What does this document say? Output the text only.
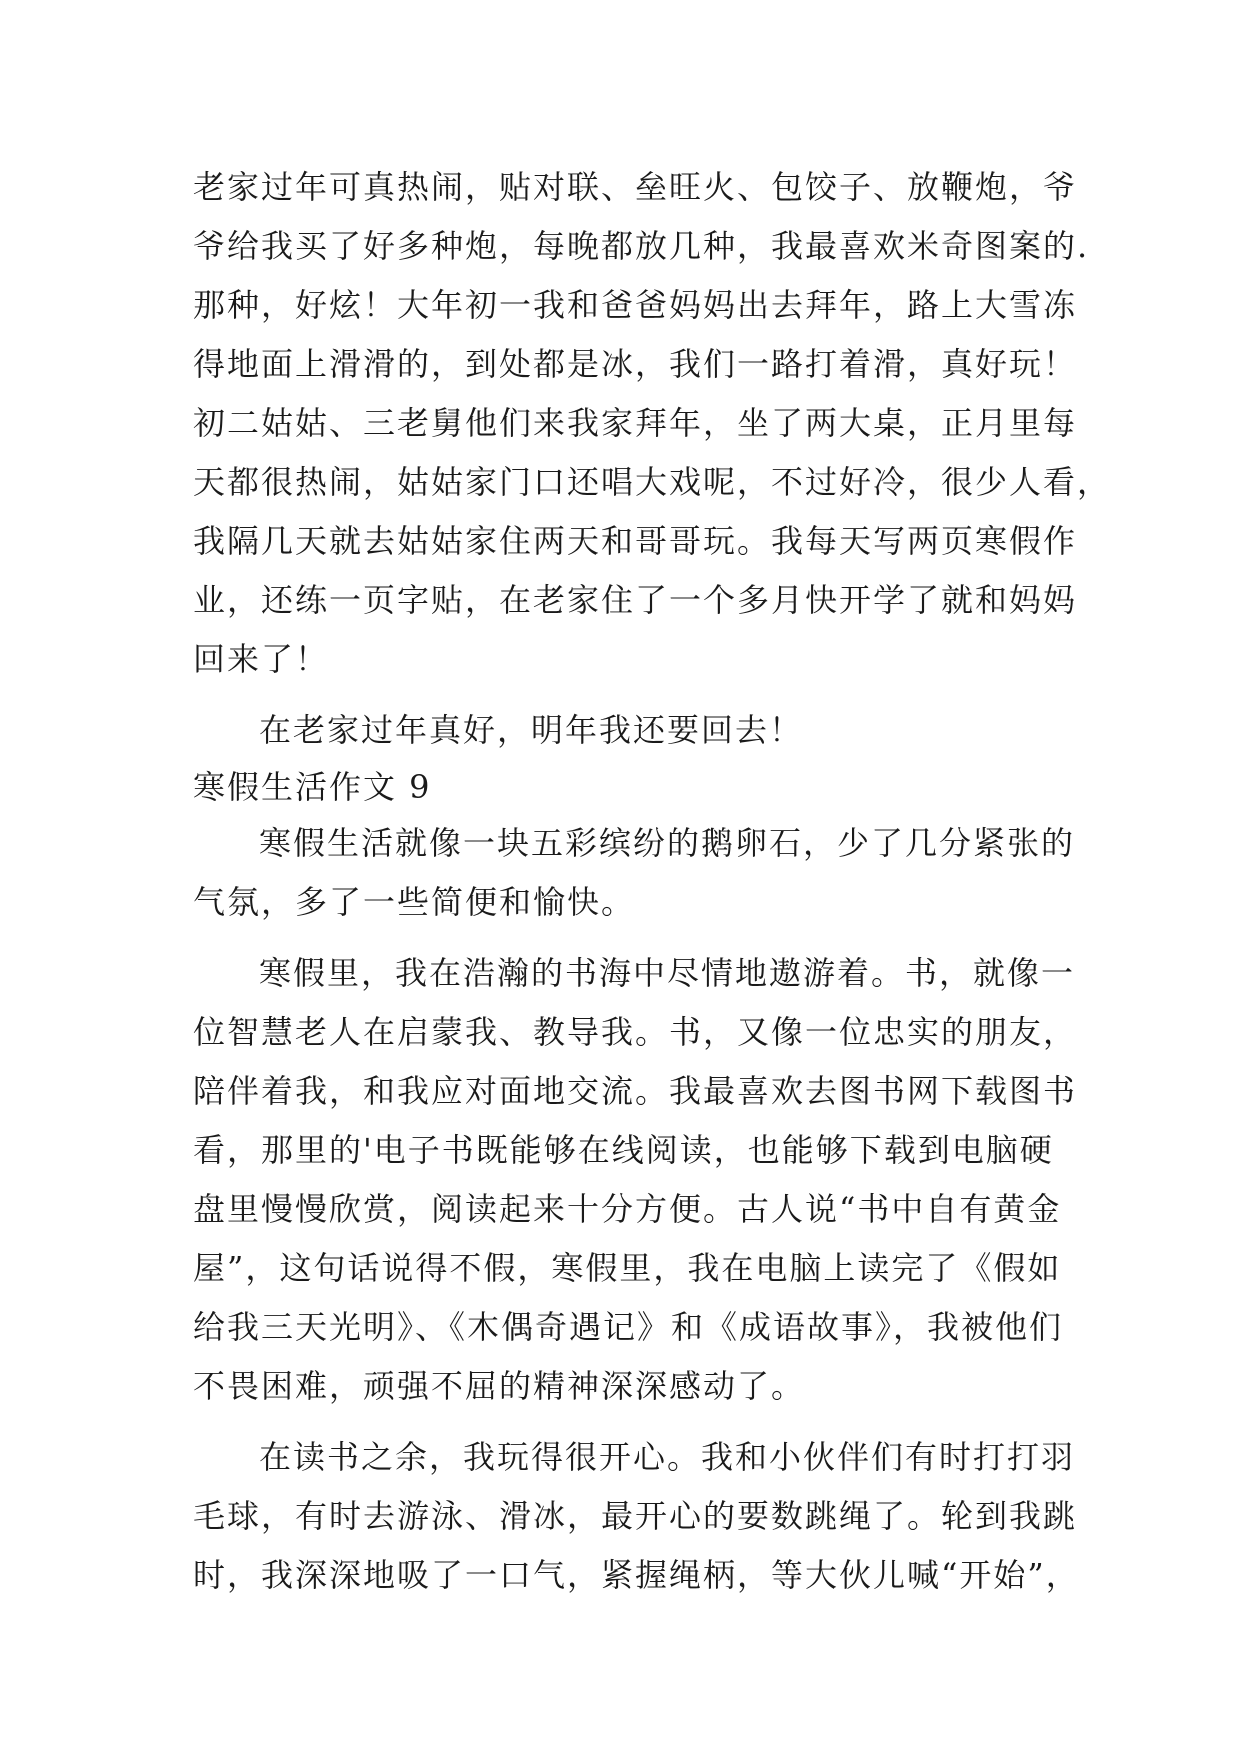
老家过年可真热闹，贴对联、垒旺火、包饺子、放鞭炮，爷
爷给我买了好多种炮，每晚都放几种，我最喜欢米奇图案的.
那种，好炫！大年初一我和爸爸妈妈出去拜年，路上大雪冻
得地面上滑滑的，到处都是冰，我们一路打着滑，真好玩！
初二姑姑、三老舅他们来我家拜年，坐了两大桌，正月里每
天都很热闹，姑姑家门口还唱大戏呢，不过好冷，很少人看，
我隔几天就去姑姑家住两天和哥哥玩。我每天写两页寒假作
业，还练一页字贴，在老家住了一个多月快开学了就和妈妈
回来了！
在老家过年真好，明年我还要回去！
寒假生活作文 9
寒假生活就像一块五彩缤纷的鹅卵石，少了几分紧张的
气氛，多了一些简便和愉快。
寒假里，我在浩瀚的书海中尽情地遨游着。书，就像一
位智慧老人在启蒙我、教导我。书，又像一位忠实的朋友，
陪伴着我，和我应对面地交流。我最喜欢去图书网下载图书
看，那里的'电子书既能够在线阅读，也能够下载到电脑硬
盘里慢慢欣赏，阅读起来十分方便。古人说“书中自有黄金
屋”，这句话说得不假，寒假里，我在电脑上读完了《假如
给我三天光明》、《木偶奇遇记》和《成语故事》，我被他们
不畏困难，顽强不屈的精神深深感动了。
在读书之余，我玩得很开心。我和小伙伴们有时打打羽
毛球，有时去游泳、滑冰，最开心的要数跳绳了。轮到我跳
时，我深深地吸了一口气，紧握绳柄，等大伙儿喊“开始”，
